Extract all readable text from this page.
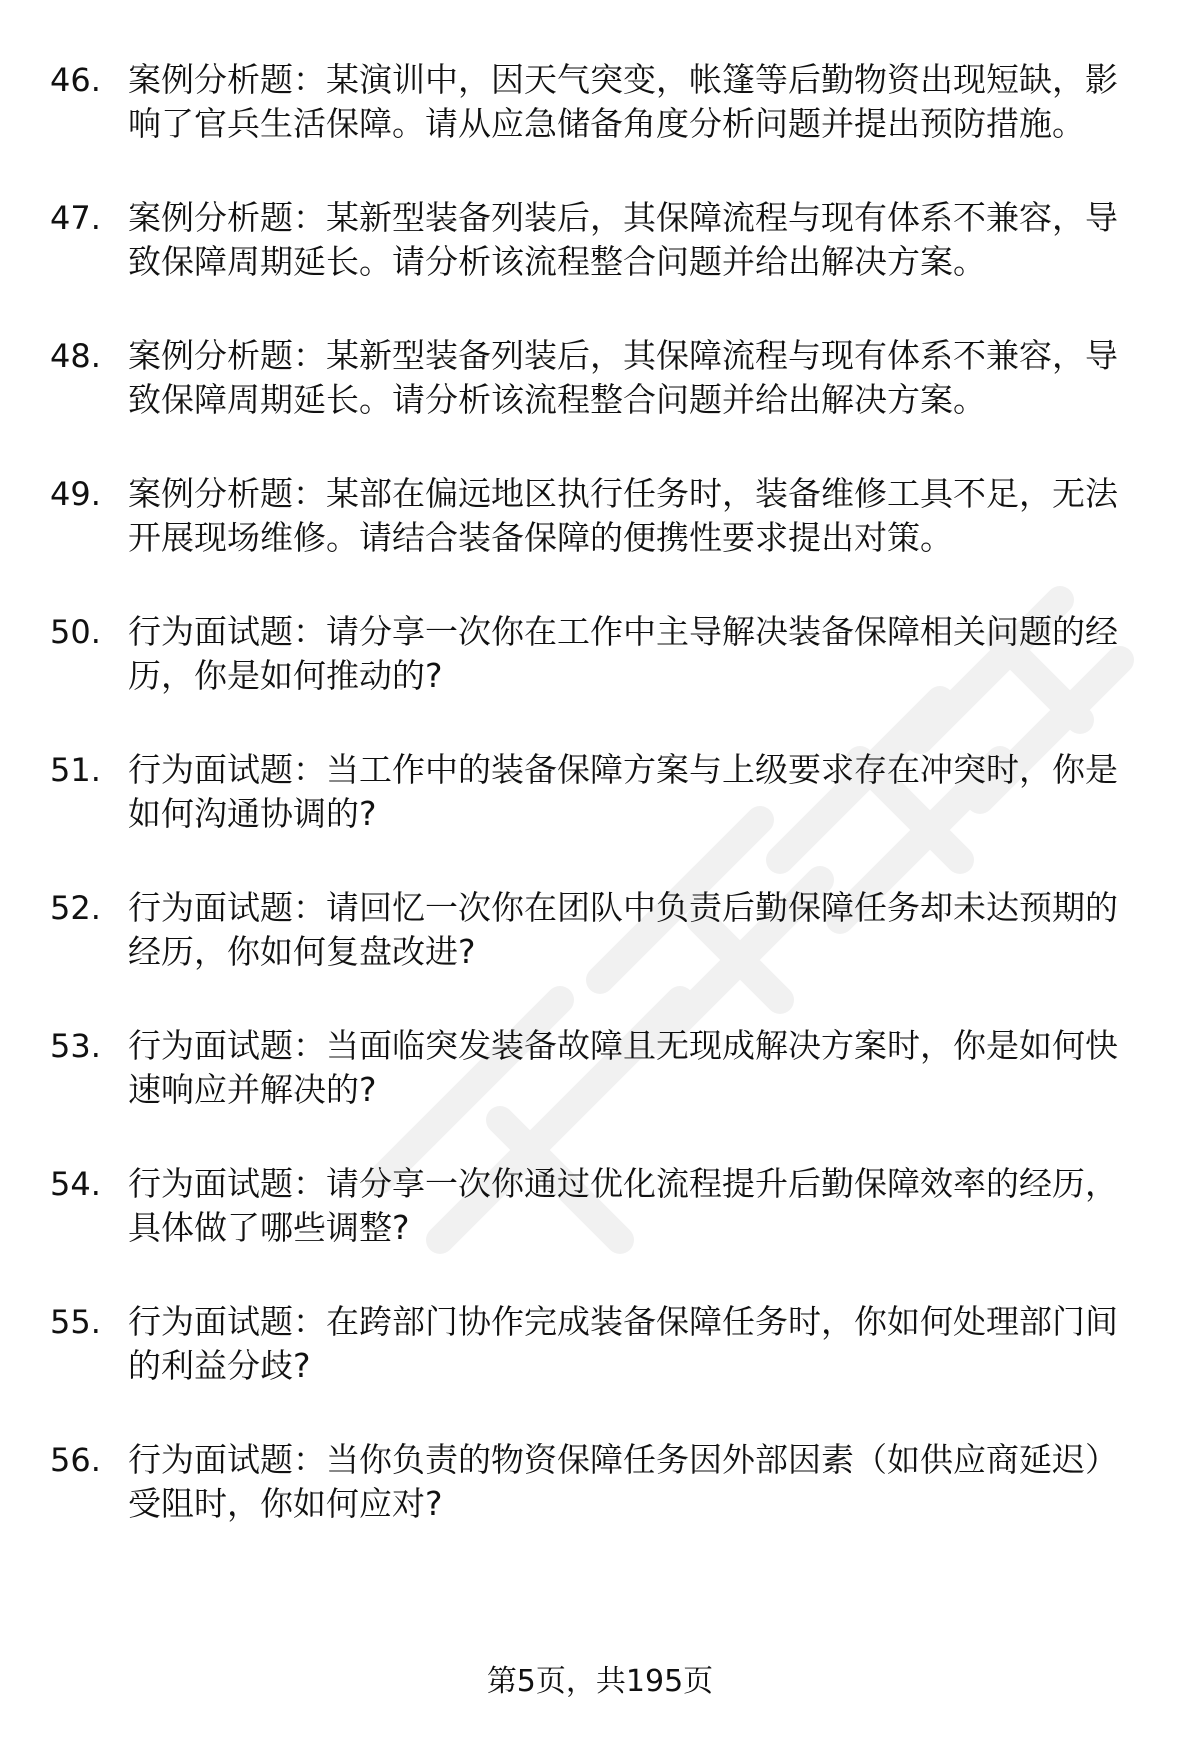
46. 案例分析题：某演训中，因天气突变，帐篷等后勤物资出现短缺，影响了官兵生活保障。请从应急储备角度分析问题并提出预防措施。
47. 案例分析题：某新型装备列装后，其保障流程与现有体系不兼容，导致保障周期延长。请分析该流程整合问题并给出解决方案。
48. 案例分析题：某新型装备列装后，其保障流程与现有体系不兼容，导致保障周期延长。请分析该流程整合问题并给出解决方案。
49. 案例分析题：某部在偏远地区执行任务时，装备维修工具不足，无法开展现场维修。请结合装备保障的便携性要求提出对策。
50. 行为面试题：请分享一次你在工作中主导解决装备保障相关问题的经历，你是如何推动的?
51. 行为面试题：当工作中的装备保障方案与上级要求存在冲突时，你是如何沟通协调的?
52. 行为面试题：请回忆一次你在团队中负责后勤保障任务却未达预期的经历，你如何复盘改进?
53. 行为面试题：当面临突发装备故障且无现成解决方案时，你是如何快速响应并解决的?
54. 行为面试题：请分享一次你通过优化流程提升后勤保障效率的经历，具体做了哪些调整?
55. 行为面试题：在跨部门协作完成装备保障任务时，你如何处理部门间的利益分歧?
56. 行为面试题：当你负责的物资保障任务因外部因素（如供应商延迟）受阻时，你如何应对?
第5页，共195页
